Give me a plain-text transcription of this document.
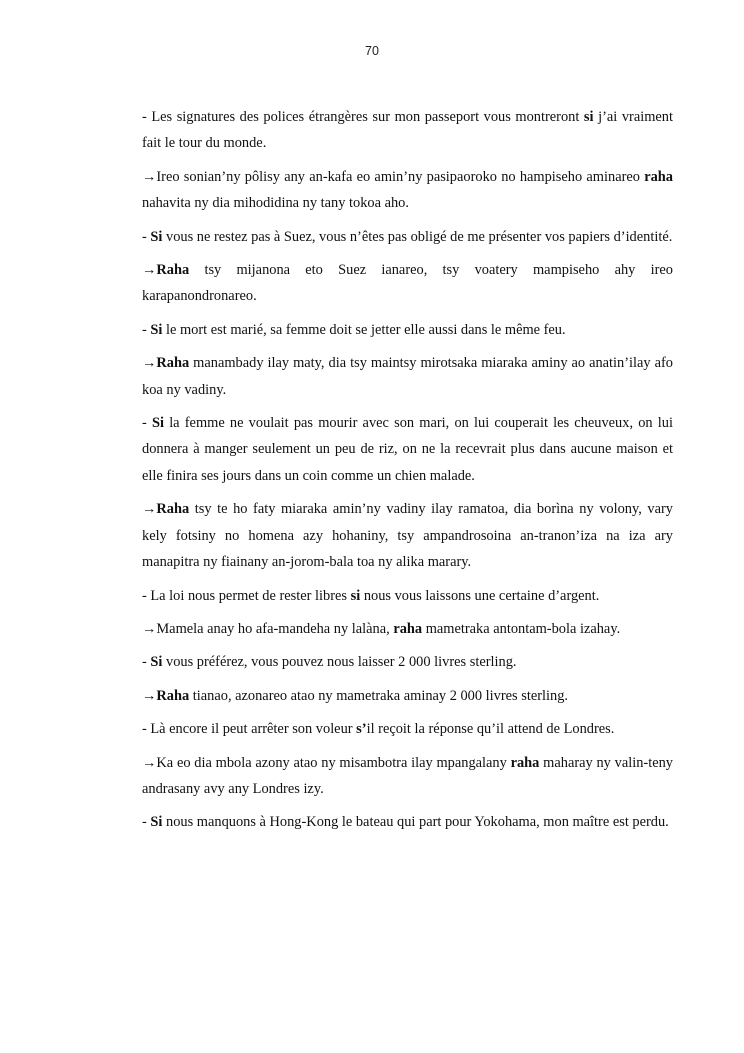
70

- Les signatures des polices étrangères sur mon passeport vous montreront si j’ai vraiment fait le tour du monde.

→Ireo sonian’ny pôlisy any an-kafa eo amin’ny pasipaoroko no hampiseho aminareo raha nahavita ny dia mihodidina ny tany tokoa aho.

- Si vous ne restez pas à Suez, vous n’êtes pas obligé de me présenter vos papiers d’identité.

→Raha tsy mijanona eto Suez ianareo, tsy voatery mampiseho ahy ireo karapanondronareo.

- Si le mort est marié, sa femme doit se jetter elle aussi dans le même feu.

→Raha manambady ilay maty, dia tsy maintsy mirotsaka miaraka aminy ao anatin’ilay afo koa ny vadiny.

- Si la femme ne voulait pas mourir avec son mari, on lui couperait les cheuveux, on lui donnera à manger seulement un peu de riz, on ne la recevrait plus dans aucune maison et elle finira ses jours dans un coin comme un chien malade.

→Raha tsy te ho faty miaraka amin’ny vadiny ilay ramatoa, dia borìna ny volony, vary kely fotsiny no homena azy hohaniny, tsy ampandrosoina an-tranon’iza na iza ary manapitra ny fiainany an-jorom-bala toa ny alika marary.

- La loi nous permet de rester libres si nous vous laissons une certaine d’argent.

→Mamela anay ho afa-mandeha ny lalàna, raha mametraka antontam-bola izahay.

- Si vous préférez, vous pouvez nous laisser 2 000 livres sterling.

→Raha tianao, azonareo atao ny mametraka aminay 2 000 livres sterling.

- Là encore il peut arrêter son voleur s’il reçoit la réponse qu’il attend de Londres.

→Ka eo dia mbola azony atao ny misambotra ilay mpangalany raha maharay ny valin-teny andrasany avy any Londres izy.

- Si nous manquons à Hong-Kong le bateau qui part pour Yokohama, mon maître est perdu.
